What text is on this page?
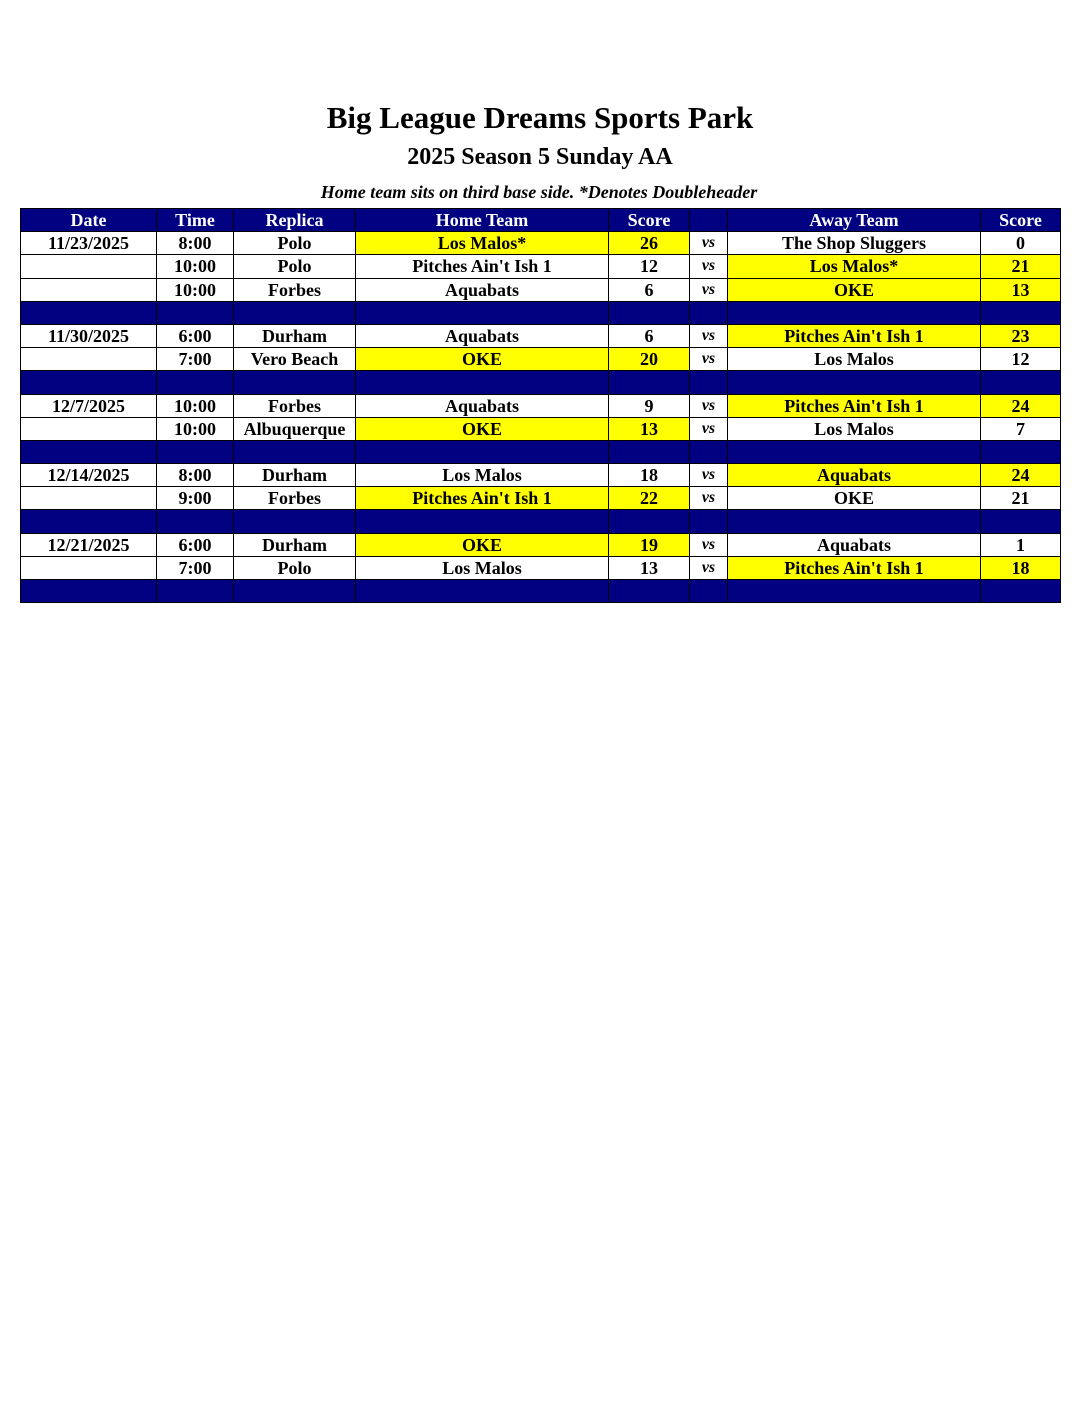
Big League Dreams Sports Park
2025 Season 5 Sunday AA
Home team sits on third base side. *Denotes Doubleheader
Date	Time	Replica	Home Team	Score		Away Team	Score
11/23/2025	8:00	Polo	Los Malos*	26	vs	The Shop Sluggers	0
	10:00	Polo	Pitches Ain't Ish 1	12	vs	Los Malos*	21
	10:00	Forbes	Aquabats	6	vs	OKE	13

11/30/2025	6:00	Durham	Aquabats	6	vs	Pitches Ain't Ish 1	23
	7:00	Vero Beach	OKE	20	vs	Los Malos	12

12/7/2025	10:00	Forbes	Aquabats	9	vs	Pitches Ain't Ish 1	24
	10:00	Albuquerque	OKE	13	vs	Los Malos	7

12/14/2025	8:00	Durham	Los Malos	18	vs	Aquabats	24
	9:00	Forbes	Pitches Ain't Ish 1	22	vs	OKE	21

12/21/2025	6:00	Durham	OKE	19	vs	Aquabats	1
	7:00	Polo	Los Malos	13	vs	Pitches Ain't Ish 1	18
